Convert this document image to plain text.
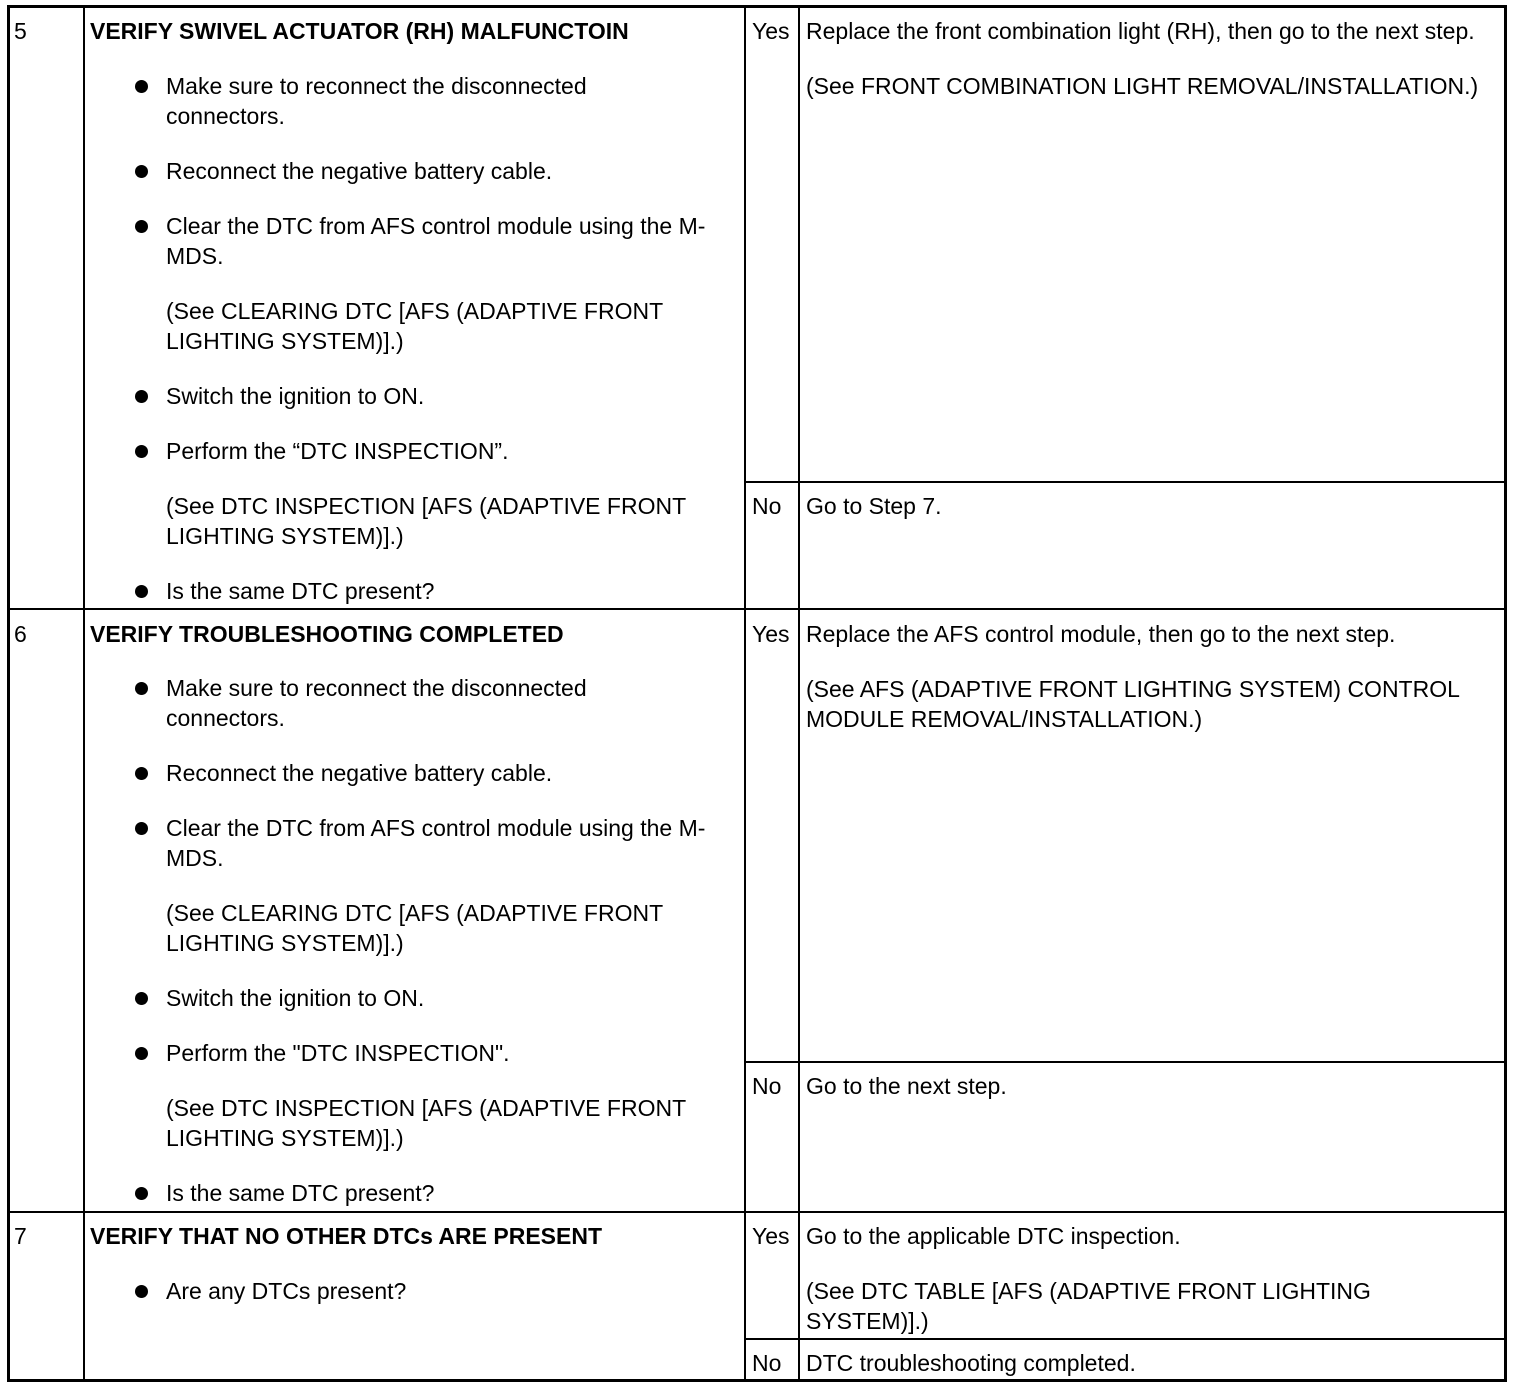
5	VERIFY SWIVEL ACTUATOR (RH) MALFUNCTOIN
Make sure to reconnect the disconnected connectors.
Reconnect the negative battery cable.
Clear the DTC from AFS control module using the M-MDS.
(See CLEARING DTC [AFS (ADAPTIVE FRONT LIGHTING SYSTEM)].)
Switch the ignition to ON.
Perform the “DTC INSPECTION”.
(See DTC INSPECTION [AFS (ADAPTIVE FRONT LIGHTING SYSTEM)].)
Is the same DTC present?
Yes Replace the front combination light (RH), then go to the next step.

(See FRONT COMBINATION LIGHT REMOVAL/INSTALLATION.)

No Go to Step 7.
6	VERIFY TROUBLESHOOTING COMPLETED
Make sure to reconnect the disconnected connectors.
Reconnect the negative battery cable.
Clear the DTC from AFS control module using the M-MDS.
(See CLEARING DTC [AFS (ADAPTIVE FRONT LIGHTING SYSTEM)].)
Switch the ignition to ON.
Perform the "DTC INSPECTION".
(See DTC INSPECTION [AFS (ADAPTIVE FRONT LIGHTING SYSTEM)].)
Is the same DTC present?
Yes Replace the AFS control module, then go to the next step.

(See AFS (ADAPTIVE FRONT LIGHTING SYSTEM) CONTROL MODULE REMOVAL/INSTALLATION.)

No Go to the next step.
7	VERIFY THAT NO OTHER DTCs ARE PRESENT
Are any DTCs present?
Yes Go to the applicable DTC inspection.

(See DTC TABLE [AFS (ADAPTIVE FRONT LIGHTING SYSTEM)].)

No DTC troubleshooting completed.
